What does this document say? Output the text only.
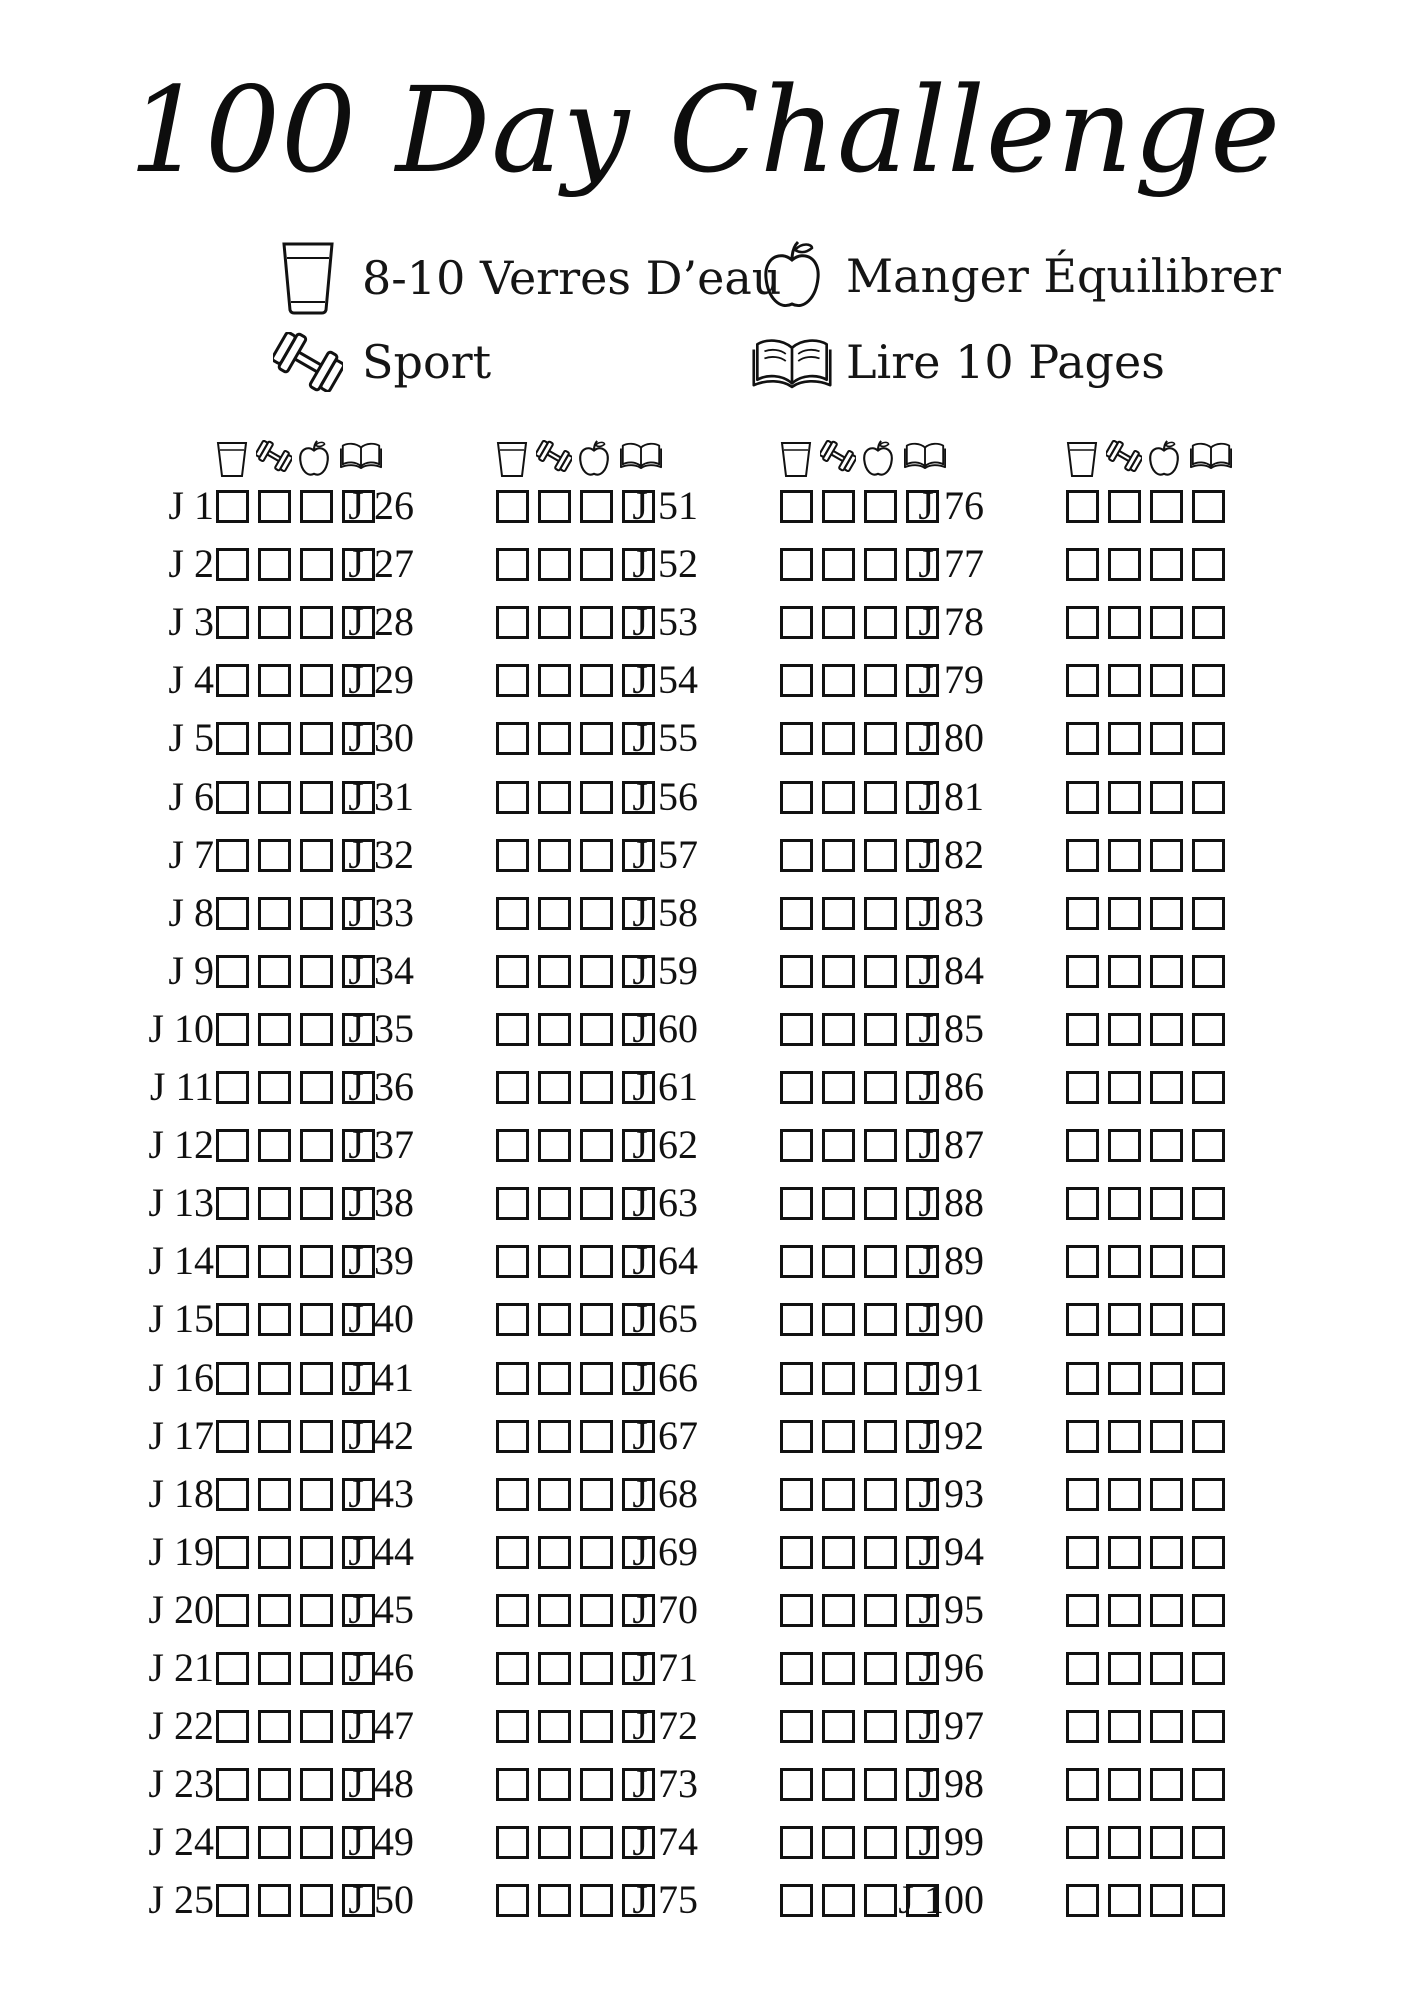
100 Day Challenge
8-10 Verres D’eau Manger Équilibrer
Sport	Lire 10 Pages
J 1
J 2
J 3
J 4
J 5
J 6
J 7
J 8
J 9
J 10
J 11
J 12
J 13
J 14
J 15
J 16
J 17
J 18
J 19
J 20
J 21
J 22
J 23
J 24
J 25
J 26
J 27
J 28
J 29
J 30
J 31
J 32
J 33
J 34
J 35
J 36
J 37
J 38
J 39
J 40
J 41
J 42
J 43
J 44
J 45
J 46
J 47
J 48
J 49
J 50
J 51
J 52
J 53
J 54
J 55
J 56
J 57
J 58
J 59
J 60
J 61
J 62
J 63
J 64
J 65
J 66
J 67
J 68
J 69
J 70
J 71
J 72
J 73
J 74
J 75
J 76
J 77
J 78
J 79
J 80
J 81
J 82
J 83
J 84
J 85
J 86
J 87
J 88
J 89
J 90
J 91
J 92
J 93
J 94
J 95
J 96
J 97
J 98
J 99
J 100
